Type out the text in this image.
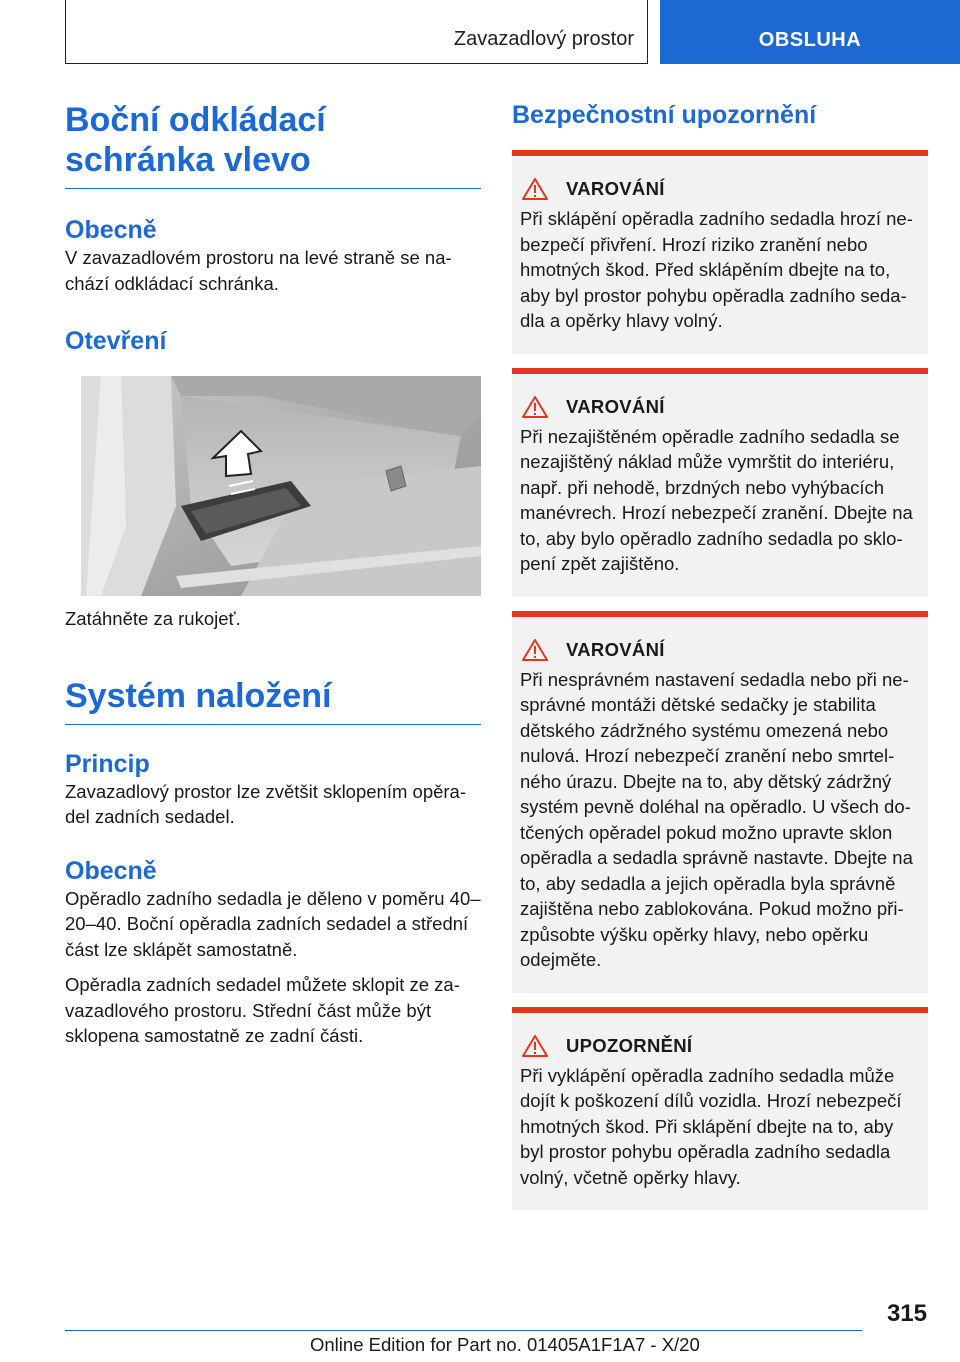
Zavazadlový prostor	OBSLUHA
Boční odkládací schránka vlevo
Obecně

V zavazadlovém prostoru na levé straně se nachází odkládací schránka.

Otevření

Zatáhněte za rukojeť.

Systém naložení
Princip

Zavazadlový prostor lze zvětšit sklopením opěradel zadních sedadel.

Obecně

Opěradlo zadního sedadla je děleno v poměru 40–20–40. Boční opěradla zadních sedadel a střední část lze sklápět samostatně.

Opěradla zadních sedadel můžete sklopit ze zavazadlového prostoru. Střední část může být sklopena samostatně ze zadní části.

Bezpečnostní upozornění
VAROVÁNÍ

Při sklápění opěradla zadního sedadla hrozí nebezpečí přivření. Hrozí riziko zranění nebo hmotných škod. Před sklápěním dbejte na to, aby byl prostor pohybu opěradla zadního sedadla a opěrky hlavy volný.

VAROVÁNÍ

Při nezajištěném opěradle zadního sedadla se nezajištěný náklad může vymrštit do interiéru, např. při nehodě, brzdných nebo vyhýbacích manévrech. Hrozí nebezpečí zranění. Dbejte na to, aby bylo opěradlo zadního sedadla po sklopení zpět zajištěno.

VAROVÁNÍ

Při nesprávném nastavení sedadla nebo při nesprávné montáži dětské sedačky je stabilita dětského zádržného systému omezená nebo nulová. Hrozí nebezpečí zranění nebo smrtelného úrazu. Dbejte na to, aby dětský zádržný systém pevně doléhal na opěradlo. U všech dotčených opěradel pokud možno upravte sklon opěradla a sedadla správně nastavte. Dbejte na to, aby sedadla a jejich opěradla byla správně zajištěna nebo zablokována. Pokud možno přizpůsobte výšku opěrky hlavy, nebo opěrku odejměte.

UPOZORNĚNÍ

Při vyklápění opěradla zadního sedadla může dojít k poškození dílů vozidla. Hrozí nebezpečí hmotných škod. Při sklápění dbejte na to, aby byl prostor pohybu opěradla zadního sedadla volný, včetně opěrky hlavy.

315
Online Edition for Part no. 01405A1F1A7 - X/20
